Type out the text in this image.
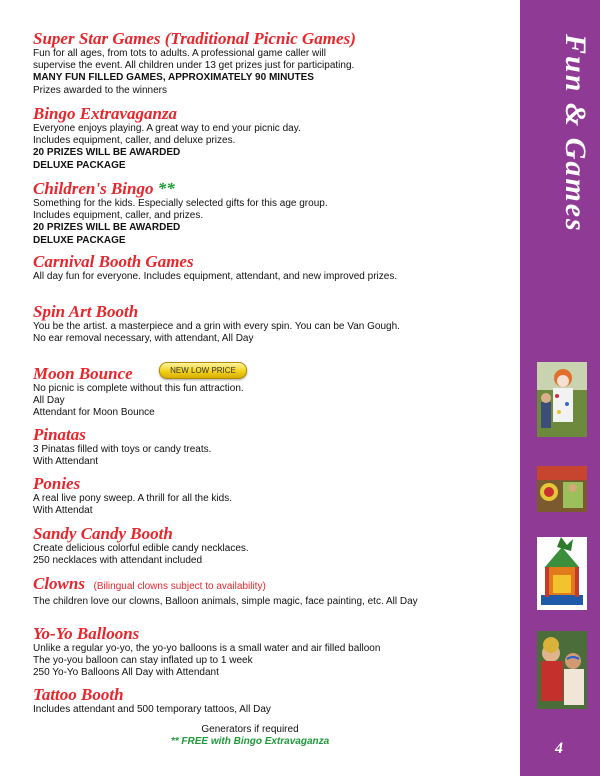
Super Star Games (Traditional Picnic Games)
Fun for all ages, from tots to adults. A professional game caller will
supervise the event. All children under 13 get prizes just for participating.
MANY FUN FILLED GAMES, APPROXIMATELY 90 MINUTES
Prizes awarded to the winners
Bingo Extravaganza
Everyone enjoys playing. A great way to end your picnic day.
Includes equipment, caller, and deluxe prizes.
20 PRIZES WILL BE AWARDED
DELUXE PACKAGE
Children's Bingo **
Something for the kids. Especially selected gifts for this age group.
Includes equipment, caller, and prizes.
20 PRIZES WILL BE AWARDED
DELUXE PACKAGE
Carnival Booth Games
All day fun for everyone. Includes equipment, attendant, and new improved prizes.
Spin Art Booth
You be the artist. a masterpiece and a grin with every spin. You can be Van Gough.
No ear removal necessary, with attendant, All Day
Moon Bounce
No picnic is complete without this fun attraction.
All Day
Attendant for Moon Bounce
NEW LOW PRICE
Pinatas
3 Pinatas filled with toys or candy treats.
With Attendant
Ponies
A real live pony sweep. A thrill for all the kids.
With Attendat
Sandy Candy Booth
Create delicious colorful edible candy necklaces.
250 necklaces with attendant included
Clowns (Bilingual clowns subject to availability)
The children love our clowns, Balloon animals, simple magic, face painting, etc. All Day
Yo-Yo Balloons
Unlike a regular yo-yo, the yo-yo balloons is a small water and air filled balloon
The yo-you balloon can stay inflated up to 1 week
250 Yo-Yo Balloons All Day with Attendant
Tattoo Booth
Includes attendant and 500 temporary tattoos, All Day
Generators if required
** FREE with Bingo Extravaganza
Fun & Games
4
